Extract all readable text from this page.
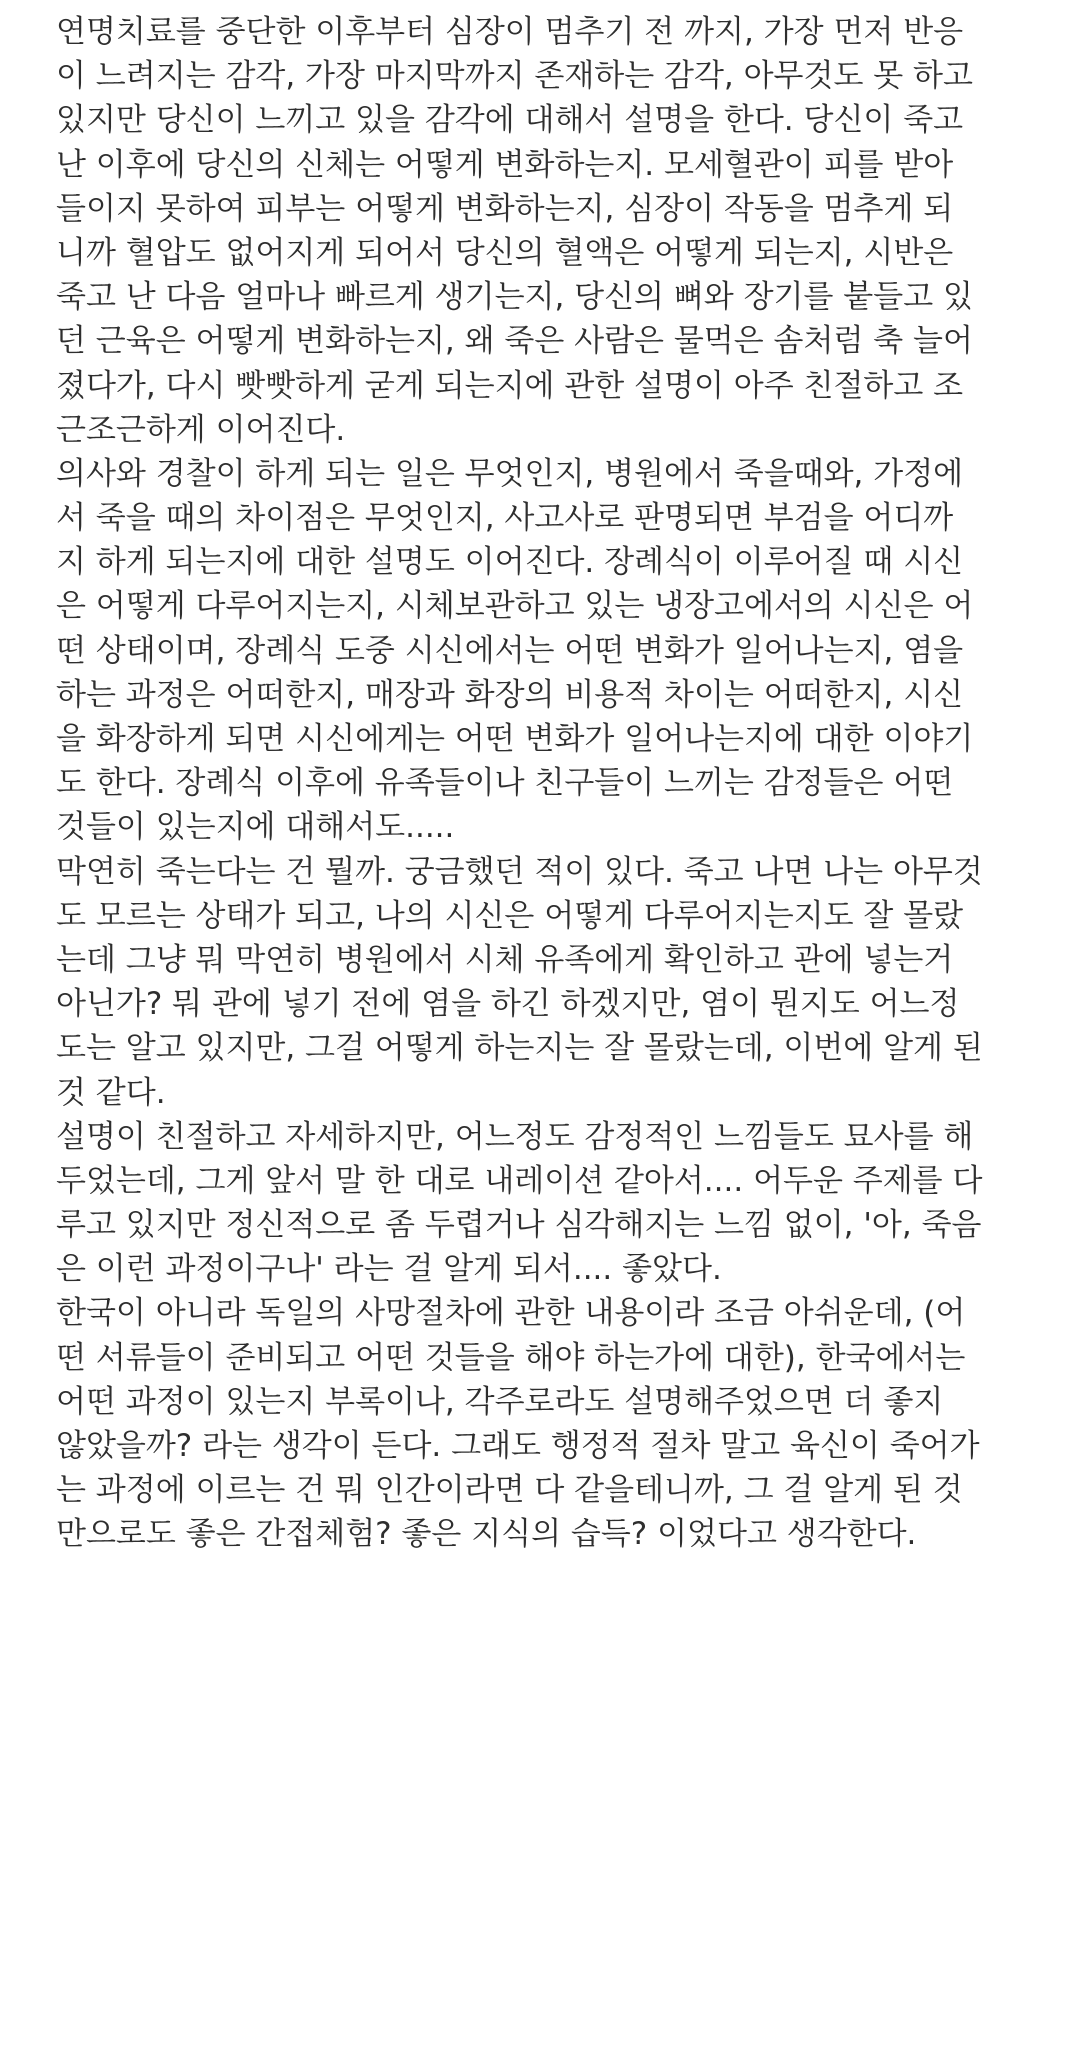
연명치료를 중단한 이후부터 심장이 멈추기 전 까지, 가장 먼저 반응
이 느려지는 감각, 가장 마지막까지 존재하는 감각, 아무것도 못 하고
있지만 당신이 느끼고 있을 감각에 대해서 설명을 한다. 당신이 죽고
난 이후에 당신의 신체는 어떻게 변화하는지. 모세혈관이 피를 받아
들이지 못하여 피부는 어떻게 변화하는지, 심장이 작동을 멈추게 되
니까 혈압도 없어지게 되어서 당신의 혈액은 어떻게 되는지, 시반은
죽고 난 다음 얼마나 빠르게 생기는지, 당신의 뼈와 장기를 붙들고 있
던 근육은 어떻게 변화하는지, 왜 죽은 사람은 물먹은 솜처럼 축 늘어
졌다가, 다시 빳빳하게 굳게 되는지에 관한 설명이 아주 친절하고 조
근조근하게 이어진다.
의사와 경찰이 하게 되는 일은 무엇인지, 병원에서 죽을때와, 가정에
서 죽을 때의 차이점은 무엇인지, 사고사로 판명되면 부검을 어디까
지 하게 되는지에 대한 설명도 이어진다. 장례식이 이루어질 때 시신
은 어떻게 다루어지는지, 시체보관하고 있는 냉장고에서의 시신은 어
떤 상태이며, 장례식 도중 시신에서는 어떤 변화가 일어나는지, 염을
하는 과정은 어떠한지, 매장과 화장의 비용적 차이는 어떠한지, 시신
을 화장하게 되면 시신에게는 어떤 변화가 일어나는지에 대한 이야기
도 한다. 장례식 이후에 유족들이나 친구들이 느끼는 감정들은 어떤
것들이 있는지에 대해서도.....
막연히 죽는다는 건 뭘까. 궁금했던 적이 있다. 죽고 나면 나는 아무것
도 모르는 상태가 되고, 나의 시신은 어떻게 다루어지는지도 잘 몰랐
는데 그냥 뭐 막연히 병원에서 시체 유족에게 확인하고 관에 넣는거
아닌가? 뭐 관에 넣기 전에 염을 하긴 하겠지만, 염이 뭔지도 어느정
도는 알고 있지만, 그걸 어떻게 하는지는 잘 몰랐는데, 이번에 알게 된
것 같다.
설명이 친절하고 자세하지만, 어느정도 감정적인 느낌들도 묘사를 해
두었는데, 그게 앞서 말 한 대로 내레이션 같아서.... 어두운 주제를 다
루고 있지만 정신적으로 좀 두렵거나 심각해지는 느낌 없이, '아, 죽음
은 이런 과정이구나' 라는 걸 알게 되서.... 좋았다.
한국이 아니라 독일의 사망절차에 관한 내용이라 조금 아쉬운데, (어
떤 서류들이 준비되고 어떤 것들을 해야 하는가에 대한), 한국에서는
어떤 과정이 있는지 부록이나, 각주로라도 설명해주었으면 더 좋지
않았을까? 라는 생각이 든다. 그래도 행정적 절차 말고 육신이 죽어가
는 과정에 이르는 건 뭐 인간이라면 다 같을테니까, 그 걸 알게 된 것
만으로도 좋은 간접체험? 좋은 지식의 습득? 이었다고 생각한다.
